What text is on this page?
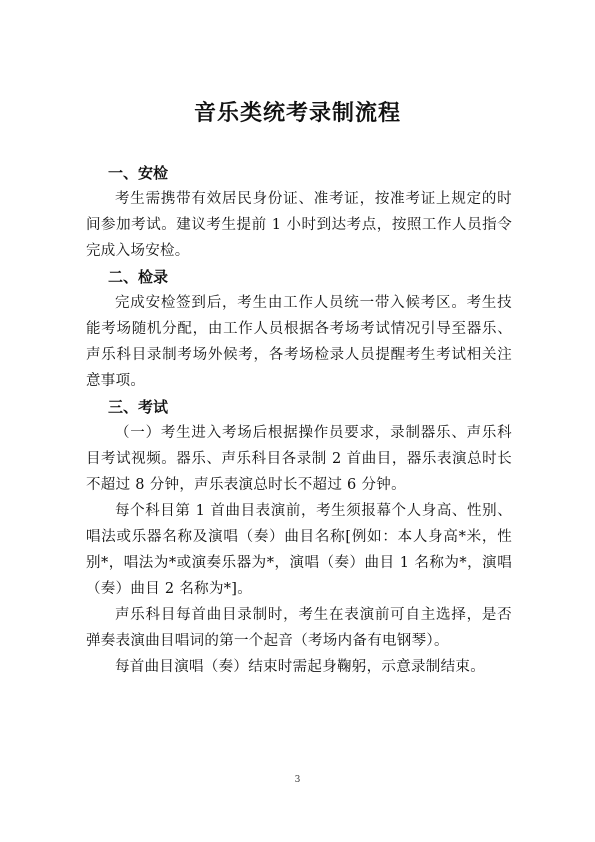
音乐类统考录制流程

一、安检

考生需携带有效居民身份证、准考证，按准考证上规定的时间参加考试。建议考生提前 1 小时到达考点，按照工作人员指令完成入场安检。

二、检录

完成安检签到后，考生由工作人员统一带入候考区。考生技能考场随机分配，由工作人员根据各考场考试情况引导至器乐、声乐科目录制考场外候考，各考场检录人员提醒考生考试相关注意事项。

三、考试

（一）考生进入考场后根据操作员要求，录制器乐、声乐科目考试视频。器乐、声乐科目各录制 2 首曲目，器乐表演总时长不超过 8 分钟，声乐表演总时长不超过 6 分钟。

每个科目第 1 首曲目表演前，考生须报幕个人身高、性别、唱法或乐器名称及演唱（奏）曲目名称[例如：本人身高*米，性别*，唱法为*或演奏乐器为*，演唱（奏）曲目 1 名称为*，演唱（奏）曲目 2 名称为*]。

声乐科目每首曲目录制时，考生在表演前可自主选择，是否弹奏表演曲目唱词的第一个起音（考场内备有电钢琴）。

每首曲目演唱（奏）结束时需起身鞠躬，示意录制结束。

3
